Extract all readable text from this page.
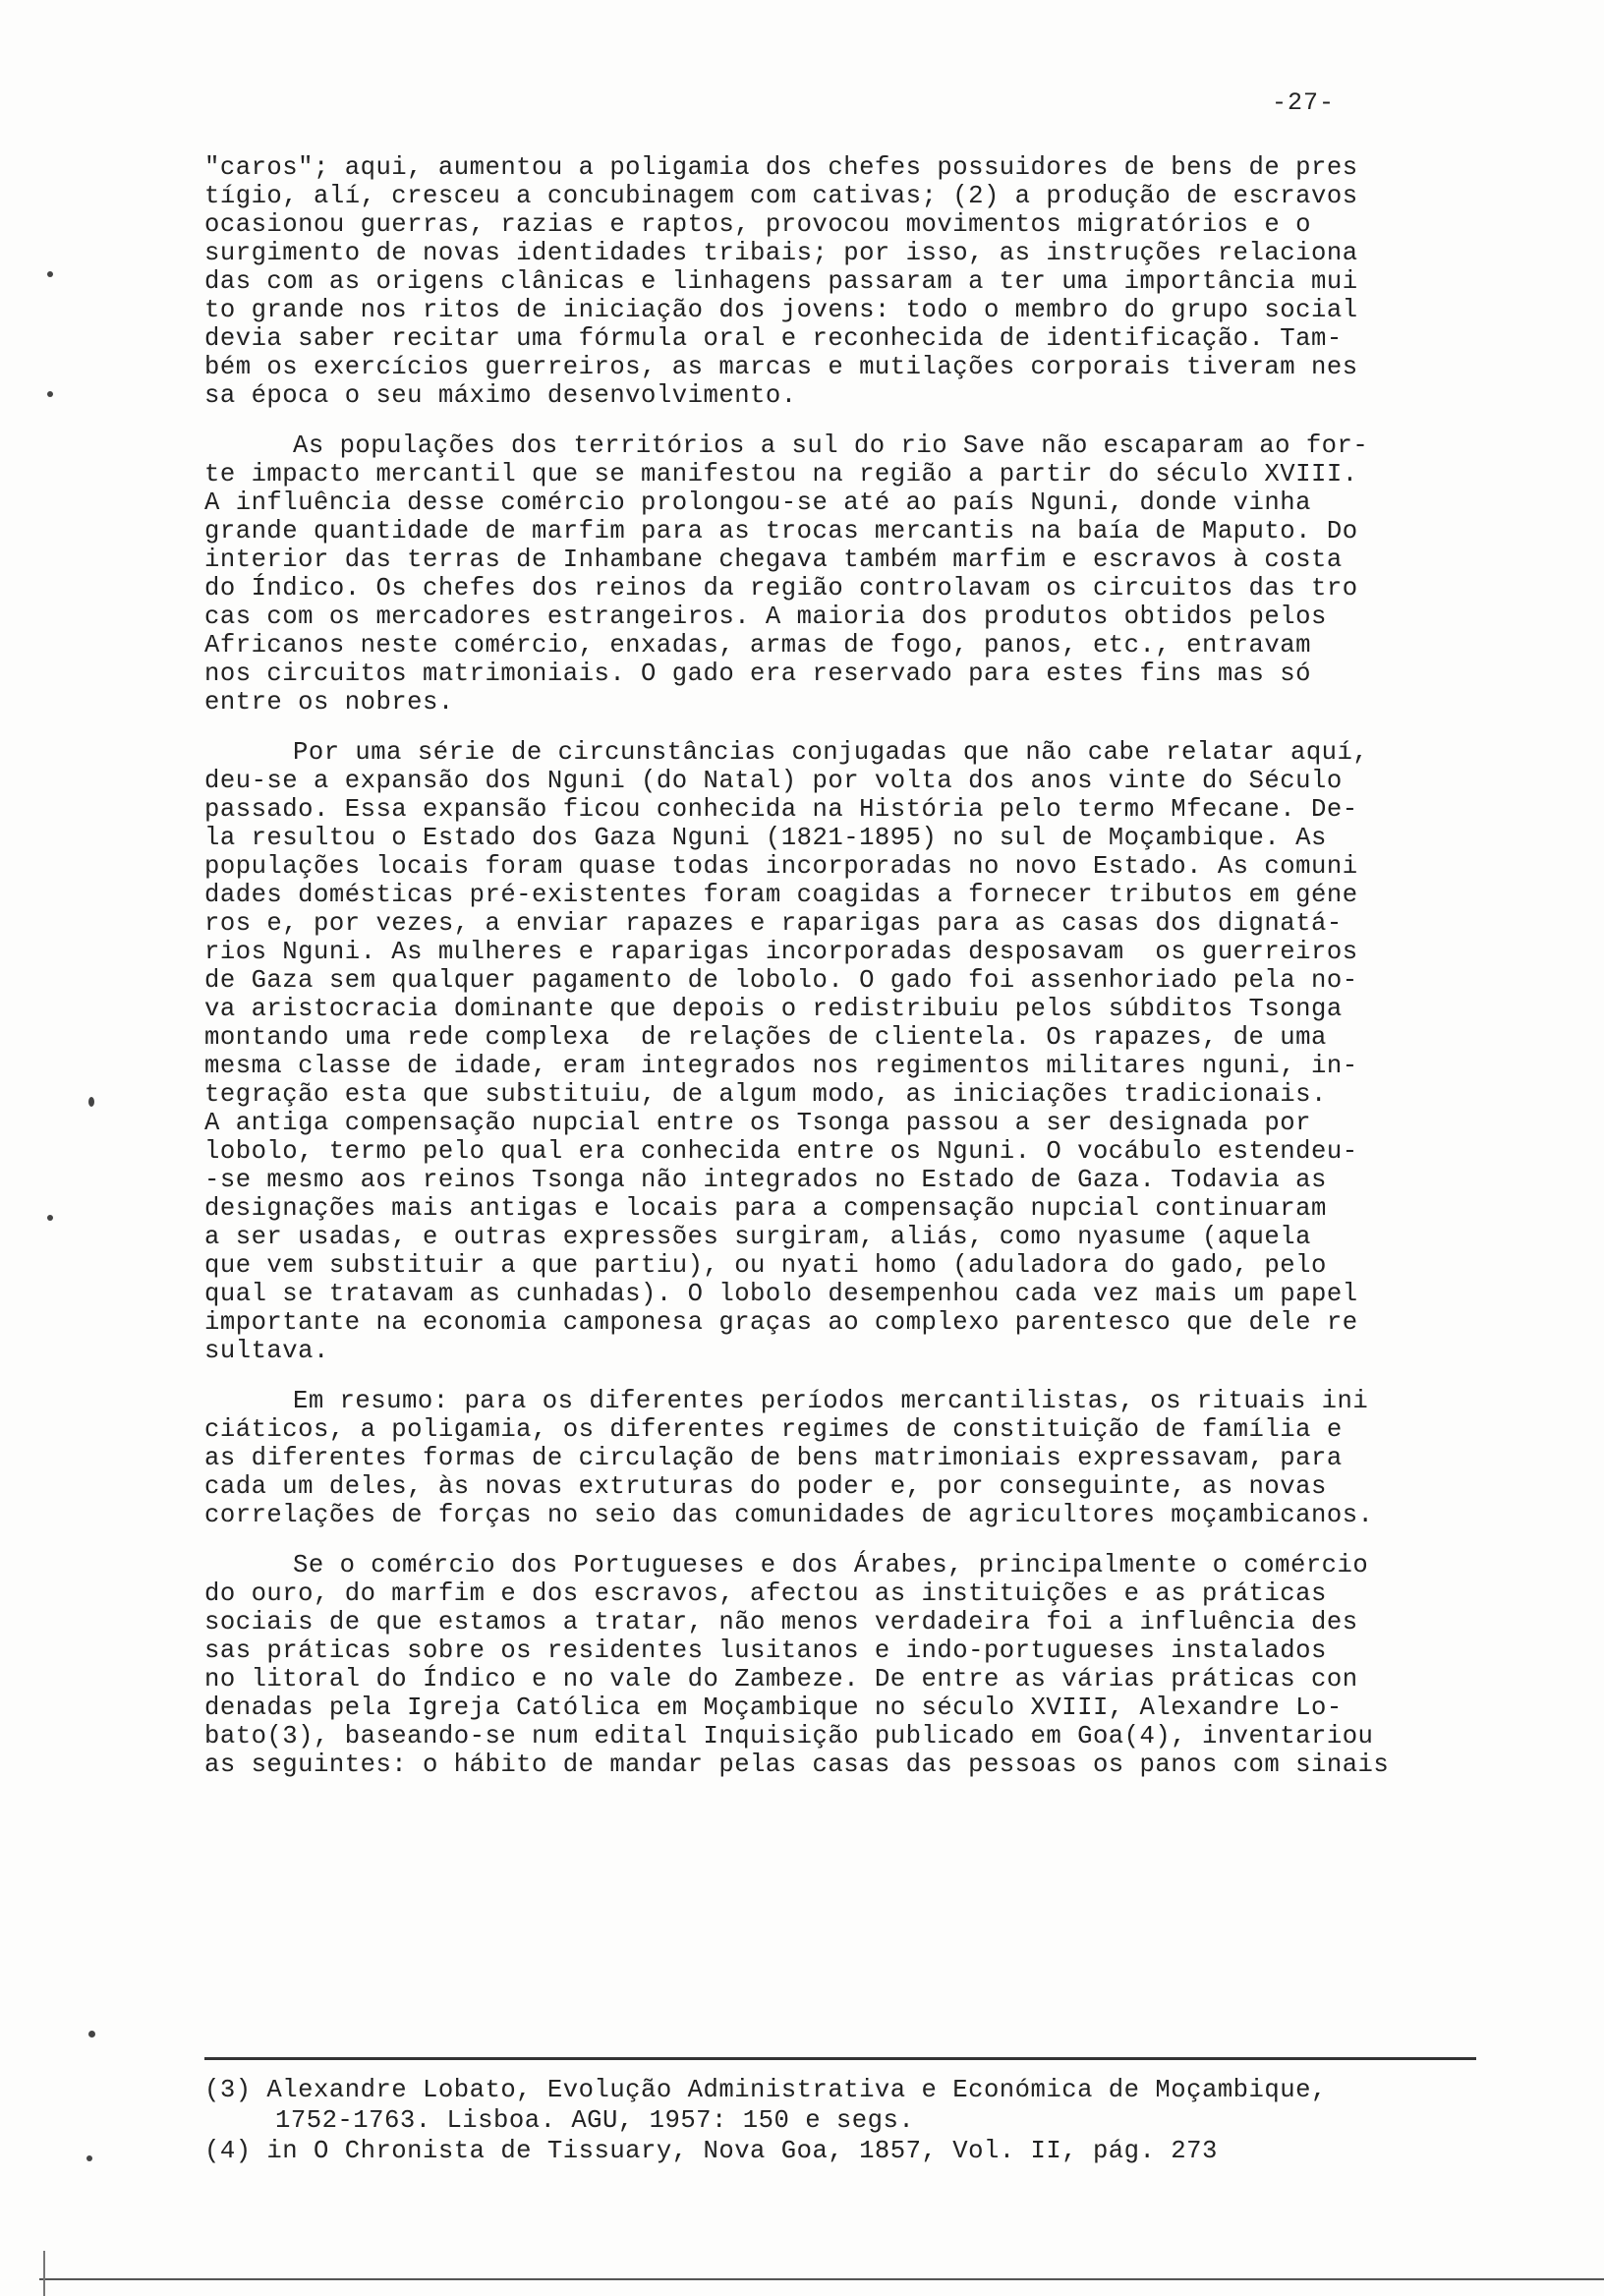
-27-

"caros"; aqui, aumentou a poligamia dos chefes possuidores de bens de pres
tígio, alí, cresceu a concubinagem com cativas; (2) a produção de escravos
ocasionou guerras, razias e raptos, provocou movimentos migratórios e o
surgimento de novas identidades tribais; por isso, as instruções relaciona
das com as origens clânicas e linhagens passaram a ter uma importância mui
to grande nos ritos de iniciação dos jovens: todo o membro do grupo social
devia saber recitar uma fórmula oral e reconhecida de identificação. Tam-
bém os exercícios guerreiros, as marcas e mutilações corporais tiveram nes
sa época o seu máximo desenvolvimento.

As populações dos territórios a sul do rio Save não escaparam ao for-
te impacto mercantil que se manifestou na região a partir do século XVIII.
A influência desse comércio prolongou-se até ao país Nguni, donde vinha
grande quantidade de marfim para as trocas mercantis na baía de Maputo. Do
interior das terras de Inhambane chegava também marfim e escravos à costa
do Índico. Os chefes dos reinos da região controlavam os circuitos das tro
cas com os mercadores estrangeiros. A maioria dos produtos obtidos pelos
Africanos neste comércio, enxadas, armas de fogo, panos, etc., entravam
nos circuitos matrimoniais. O gado era reservado para estes fins mas só
entre os nobres.

Por uma série de circunstâncias conjugadas que não cabe relatar aquí,
deu-se a expansão dos Nguni (do Natal) por volta dos anos vinte do Século
passado. Essa expansão ficou conhecida na História pelo termo Mfecane. De-
la resultou o Estado dos Gaza Nguni (1821-1895) no sul de Moçambique. As
populações locais foram quase todas incorporadas no novo Estado. As comuni
dades domésticas pré-existentes foram coagidas a fornecer tributos em géne
ros e, por vezes, a enviar rapazes e raparigas para as casas dos dignatá-
rios Nguni. As mulheres e raparigas incorporadas desposavam  os guerreiros
de Gaza sem qualquer pagamento de lobolo. O gado foi assenhoriado pela no-
va aristocracia dominante que depois o redistribuiu pelos súbditos Tsonga
montando uma rede complexa  de relações de clientela. Os rapazes, de uma
mesma classe de idade, eram integrados nos regimentos militares nguni, in-
tegração esta que substituiu, de algum modo, as iniciações tradicionais.
A antiga compensação nupcial entre os Tsonga passou a ser designada por
lobolo, termo pelo qual era conhecida entre os Nguni. O vocábulo estendeu-
-se mesmo aos reinos Tsonga não integrados no Estado de Gaza. Todavia as
designações mais antigas e locais para a compensação nupcial continuaram
a ser usadas, e outras expressões surgiram, aliás, como nyasume (aquela
que vem substituir a que partiu), ou nyati homo (aduladora do gado, pelo
qual se tratavam as cunhadas). O lobolo desempenhou cada vez mais um papel
importante na economia camponesa graças ao complexo parentesco que dele re
sultava.

Em resumo: para os diferentes períodos mercantilistas, os rituais ini
ciáticos, a poligamia, os diferentes regimes de constituição de família e
as diferentes formas de circulação de bens matrimoniais expressavam, para
cada um deles, às novas extruturas do poder e, por conseguinte, as novas
correlações de forças no seio das comunidades de agricultores moçambicanos.

Se o comércio dos Portugueses e dos Árabes, principalmente o comércio
do ouro, do marfim e dos escravos, afectou as instituições e as práticas
sociais de que estamos a tratar, não menos verdadeira foi a influência des
sas práticas sobre os residentes lusitanos e indo-portugueses instalados
no litoral do Índico e no vale do Zambeze. De entre as várias práticas con
denadas pela Igreja Católica em Moçambique no século XVIII, Alexandre Lo-
bato(3), baseando-se num edital Inquisição publicado em Goa(4), inventariou
as seguintes: o hábito de mandar pelas casas das pessoas os panos com sinais

(3) Alexandre Lobato, Evolução Administrativa e Económica de Moçambique,
1752-1763. Lisboa. AGU, 1957: 150 e segs.
(4) in O Chronista de Tissuary, Nova Goa, 1857, Vol. II, pág. 273
